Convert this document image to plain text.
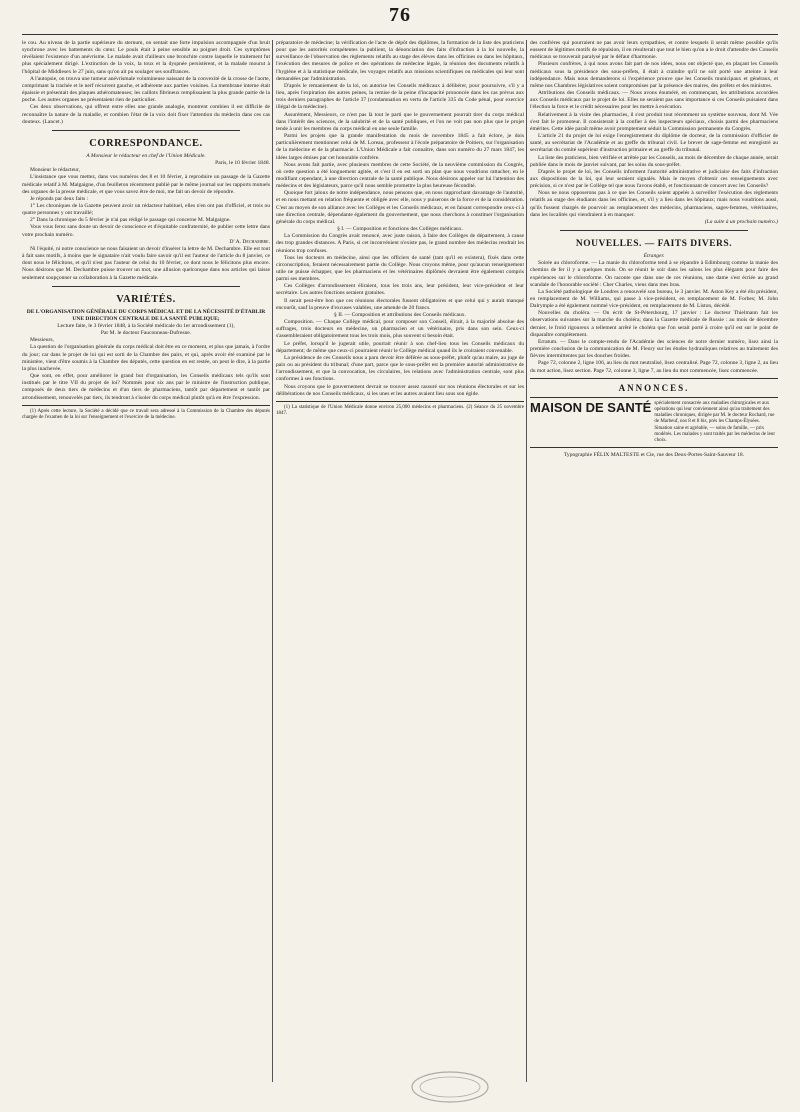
76

le cou. Au niveau de la partie supérieure du sternum, on sentait une forte impulsion accompagnée d'un bruit synchrone avec les battements du cœur. Le pouls était à peine sensible au poignet droit. Ces symptômes révélaient l'existence d'un anévrisme. Le malade avait d'ailleurs une bronchite contre laquelle le traitement fut plus spécialement dirigé. L'extinction de la voix, la toux et la dyspnée persistèrent, et la malade mourut à l'hôpital de Middlesex le 27 juin, sans qu'on ait pu soulager ses souffrances.

A l'autopsie, on trouva une tumeur anévrismale volumineuse naissant de la convexité de la crosse de l'aorte, comprimant la trachée et le nerf récurrent gauche, et adhérente aux parties voisines. La membrane interne était épaissie et présentait des plaques athéromateuses; les caillots fibrineux remplissaient la plus grande partie de la poche. Les autres organes ne présentaient rien de particulier.

Ces deux observations, qui offrent entre elles une grande analogie, montrent combien il est difficile de reconnaître la nature de la maladie, et combien l'état de la voix doit fixer l'attention du médecin dans ces cas douteux. (Lancet.)

CORRESPONDANCE.

A Monsieur le rédacteur en chef de l'Union Médicale.

Paris, le 10 février 1848.

Monsieur le rédacteur,

L'insistance que vous mettez, dans vos numéros des 8 et 10 février, à reproduire un passage de la Gazette médicale relatif à M. Malgaigne, d'un feuilleton récemment publié par le même journal sur les rapports mutuels des organes de la presse médicale, et que vous savez être de moi, me fait un devoir de répondre.

Je réponds par deux faits :

1° Les chroniques de la Gazette peuvent avoir un rédacteur habituel, elles n'en ont pas d'officiel, et trois ou quatre personnes y ont travaillé;

2° Dans la chronique du 5 février je n'ai pas rédigé le passage qui concerne M. Malgaigne.

Vous vous ferez sans doute un devoir de conscience et d'équitable confraternité, de publier cette lettre dans votre prochain numéro.

D' A. Dechambre.

Ni l'équité, ni notre conscience ne nous faisaient un devoir d'insérer la lettre de M. Dechambre. Elle est tout à fait sans motifs, à moins que le signataire n'ait voulu faire savoir qu'il est l'auteur de l'article du 8 janvier, ce dont nous le félicitons, et qu'il n'est pas l'auteur de celui du 10 février, ce dont nous le félicitons plus encore. Nous désirons que M. Dechambre puisse trouver un mot, une allusion quelconque dans nos articles qui laisse seulement soupçonner sa collaboration à la Gazette médicale.

VARIÉTÉS.

DE L'ORGANISATION GÉNÉRALE DU CORPS MÉDICAL ET DE LA NÉCESSITÉ D'ÉTABLIR UNE DIRECTION CENTRALE DE LA SANTÉ PUBLIQUE;

Lecture faite, le 3 février 1848, à la Société médicale du 1er arrondissement (1),

Par M. le docteur Fauconneau-Dufresne.

Messieurs,

La question de l'organisation générale du corps médical doit être en ce moment, et plus que jamais, à l'ordre du jour; car dans le projet de loi qui est sorti de la Chambre des pairs, et qui, après avoir été examiné par le ministère, vient d'être soumis à la Chambre des députés, cette question en est restée, on peut le dire, à la partie la plus inachevée.

Que sont, en effet, pour améliorer le grand but d'organisation, les Conseils médicaux tels qu'ils sont institués par le titre VII du projet de loi? Nommés pour six ans par le ministre de l'instruction publique, composés de deux tiers de médecins et d'un tiers de pharmaciens, tantôt par département et tantôt par arrondissement, renouvelés par tiers, ils tendront à s'isoler du corps médical plutôt qu'à en être l'expression.

(1) Après cette lecture, la Société a décidé que ce travail sera adressé à la Commission de la Chambre des députés chargée de l'examen de la loi sur l'enseignement et l'exercice de la médecine.

préparatoire de médecine; la vérification de l'acte de dépôt des diplômes, la formation de la liste des praticiens pour que les autorités compétentes la publient, la dénonciation des faits d'infraction à la loi nouvelle, la surveillance de l'observation des règlements relatifs au stage des élèves dans les officines ou dans les hôpitaux, l'exécution des mesures de police et des opérations de médecine légale, la réunion des documents relatifs à l'hygiène et à la statistique médicale, les voyages relatifs aux missions scientifiques ou médicales qui leur sont demandées par l'administration.

D'après le remaniement de la loi, on autorise les Conseils médicaux à délibérer, pour poursuivre, s'il y a lieu, après l'expiration des autres peines, la remise de la peine d'incapacité prononcée dans les cas prévus aux trois derniers paragraphes de l'article 37 (condamnation en vertu de l'article 335 du Code pénal, pour exercice illégal de la médecine).

Assurément, Messieurs, ce n'est pas là tout le parti que le gouvernement pourrait tirer du corps médical dans l'intérêt des sciences, de la salubrité et de la santé publiques, et l'on ne voit pas non plus que le projet tende à unir les membres du corps médical en une seule famille.

Parmi les projets que la grande manifestation du mois de novembre 1845 a fait éclore, je dois particulièrement mentionner celui de M. Loreau, professeur à l'école préparatoire de Poitiers, sur l'organisation de la médecine et de la pharmacie. L'Union Médicale a fait connaître, dans son numéro du 27 mars 1847, les idées larges émises par cet honorable confrère.

Nous avons fait partie, avec plusieurs membres de cette Société, de la neuvième commission du Congrès, où cette question a été longuement agitée, et c'est il en est sorti un plan que nous voudrions rattacher, en le modifiant cependant, à une direction centrale de la santé publique. Nous désirons appeler sur lui l'attention des médecins et des législateurs, parce qu'il nous semble promettre la plus heureuse fécondité.

Quoique fort jaloux de notre indépendance, nous pensons que, en nous rapprochant davantage de l'autorité, et en nous mettant en relation fréquente et obligée avec elle, nous y puiserons de la force et de la considération. C'est au moyen de son alliance avec les Collèges et les Conseils médicaux, et en faisant correspondre ceux-ci à une direction centrale, dépendante également du gouvernement, que nous cherchons à constituer l'organisation générale du corps médical.

§ I. — Composition et fonctions des Collèges médicaux.

La Commission du Congrès avait renoncé, avec juste raison, à faire des Collèges de département, à cause des trop grandes distances. A Paris, si cet inconvénient n'existe pas, le grand nombre des médecins rendrait les réunions trop confuses.

Tous les docteurs en médecine, ainsi que les officiers de santé (tant qu'il en existera), fixés dans cette circonscription, feraient nécessairement partie du Collège. Nous croyons même, pour qu'aucun renseignement utile ne puisse échapper, que les pharmaciens et les vétérinaires diplômés devraient être également compris parmi ses membres.

Ces Collèges d'arrondissement éliraient, tous les trois ans, leur président, leur vice-président et leur secrétaire. Les autres fonctions seraient gratuites.

Il serait peut-être bon que ces réunions électorales fussent obligatoires et que celui qui y aurait manqué encourût, sauf la preuve d'excuses valables, une amende de 20 francs.

§ II. — Composition et attributions des Conseils médicaux.

Composition. — Chaque Collège médical, pour composer son Conseil, élirait, à la majorité absolue des suffrages, trois docteurs en médecine, un pharmacien et un vétérinaire, pris dans son sein. Ceux-ci s'assembleraient obligatoirement tous les trois mois, plus souvent si besoin était.

Le préfet, lorsqu'il le jugerait utile, pourrait réunir à son chef-lieu tous les Conseils médicaux du département; de même que ceux-ci pourraient réunir le Collège médical quand ils le croiraient convenable.

La présidence de ces Conseils nous a paru devoir être déférée au sous-préfet, plutôt qu'au maire, au juge de paix ou au président du tribunal; d'une part, parce que le sous-préfet est la première autorité administrative de l'arrondissement, et que la convocation, les circulaires, les relations avec l'administration centrale, sont plus conformes à ses fonctions.

Nous croyons que le gouvernement devrait se trouver assez rassuré sur nos réunions électorales et sur les délibérations de nos Conseils médicaux, si les unes et les autres avaient lieu sous son égide.

(1) La statistique de l'Union Médicale donne environ 25,000 médecins et pharmaciens. (2) Séance du 25 novembre 1847.

des confrères qui pourraient ne pas avoir leurs sympathies, et contre lesquels il serait même possible qu'ils eussent de légitimes motifs de répulsion, il en résulterait que tout le bien qu'on a le droit d'attendre des Conseils médicaux se trouverait paralysé par le défaut d'harmonie.

Plusieurs confrères, à qui nous avons fait part de nos idées, nous ont objecté que, en plaçant les Conseils médicaux sous la présidence des sous-préfets, il était à craindre qu'il ne soit porté une atteinte à leur indépendance. Mais nous demanderons si l'expérience prouve que les Conseils municipaux et généraux, et même nos Chambres législatives soient compromises par la présence des maires, des préfets et des ministres.

Attributions des Conseils médicaux. — Nous avons énuméré, en commençant, les attributions accordées aux Conseils médicaux par le projet de loi. Elles ne seraient pas sans importance si ces Conseils puisaient dans l'élection la force et le crédit nécessaires pour les mettre à exécution.

Relativement à la visite des pharmacies, il s'est produit tout récemment un système nouveau, dont M. Vée s'est fait le promoteur. Il consisterait à la confier à des inspecteurs spéciaux, choisis parmi des pharmaciens émérites. Cette idée paraît même avoir promptement séduit la Commission permanente du Congrès.

L'article 21 du projet de loi exige l'enregistrement du diplôme de docteur, de la commission d'officier de santé, au secrétariat de l'Académie et au greffe du tribunal civil. Le brevet de sage-femme est enregistré au secrétariat du comité supérieur d'instruction primaire et au greffe du tribunal.

La liste des praticiens, bien vérifiée et arrêtée par les Conseils, au mois de décembre de chaque année, serait publiée dans le mois de janvier suivant, par les soins du sous-préfet.

D'après le projet de loi, les Conseils informent l'autorité administrative et judiciaire des faits d'infraction aux dispositions de la loi, qui leur seraient signalés. Mais le moyen d'obtenir ces renseignements avec précision, si ce n'est par le Collège tel que nous l'avons établi, et fonctionnant de concert avec les Conseils?

Nous ne nous opposerons pas à ce que les Conseils soient appelés à surveiller l'exécution des règlements relatifs au stage des étudiants dans les officines, et, s'il y a lieu dans les hôpitaux; mais nous voudrions aussi, qu'ils fussent chargés de pourvoir au remplacement des médecins, pharmaciens, sages-femmes, vétérinaires, dans les localités qui viendraient à en manquer.

(La suite à un prochain numéro.)

NOUVELLES. — FAITS DIVERS.

Étranger.

Soirée au chloroforme. — La manie du chloroforme tend à se répandre à Edimbourg comme la manie des chemins de fer il y a quelques mois. On se réunit le soir dans les salons les plus élégants pour faire des expériences sur le chloroforme. On raconte que dans une de ces réunions, une dame s'est écriée au grand scandale de l'honorable société : Cher Charles, viens dans mes bras.

La Société pathologique de Londres a renouvelé son bureau, le 3 janvier. M. Aston Key a été élu président, en remplacement de M. Williams, qui passe à vice-président, en remplacement de M. Forbes; M. John Dalrymple a été également nommé vice-président, en remplacement de M. Liston, décédé.

Nouvelles du choléra. — On écrit de St-Pétersbourg, 17 janvier : Le docteur Thielmann fait les observations suivantes sur la marche du choléra; dans la Gazette médicale de Russie : au mois de décembre dernier, le froid rigoureux a tellement arrêté le choléra que l'on serait porté à croire qu'il est sur le point de disparaître complètement.

Erratum. — Dans le compte-rendu de l'Académie des sciences de notre dernier numéro, lisez ainsi la première conclusion de la communication de M. Fleury sur les études hydrauliques relatives au traitement des fièvres intermittentes par les douches froides.

Page 72, colonne 2, ligne 106, au lieu du mot neutralisé, lisez centralisé. Page 72, colonne 3, ligne 2, au lieu du mot action, lisez section. Page 72, colonne 3, ligne 7, au lieu du mot commencée, lisez commencée.

ANNONCES.
MAISON DE SANTÉ spécialement consacrée aux maladies chirurgicales et aux opérations qui leur conviennent ainsi qu'au traitement des maladies chroniques, dirigée par M. le docteur Rochard, rue de Marbeuf, nos 8 et 8 bis, près les Champs-Élysées. Situation saine et agréable, — soins de famille, — prix modérés. Les malades y sont traités par les médecins de leur choix.
Typographie FÉLIX MALTESTE et Cie, rue des Deux-Portes-Saint-Sauveur 18.
